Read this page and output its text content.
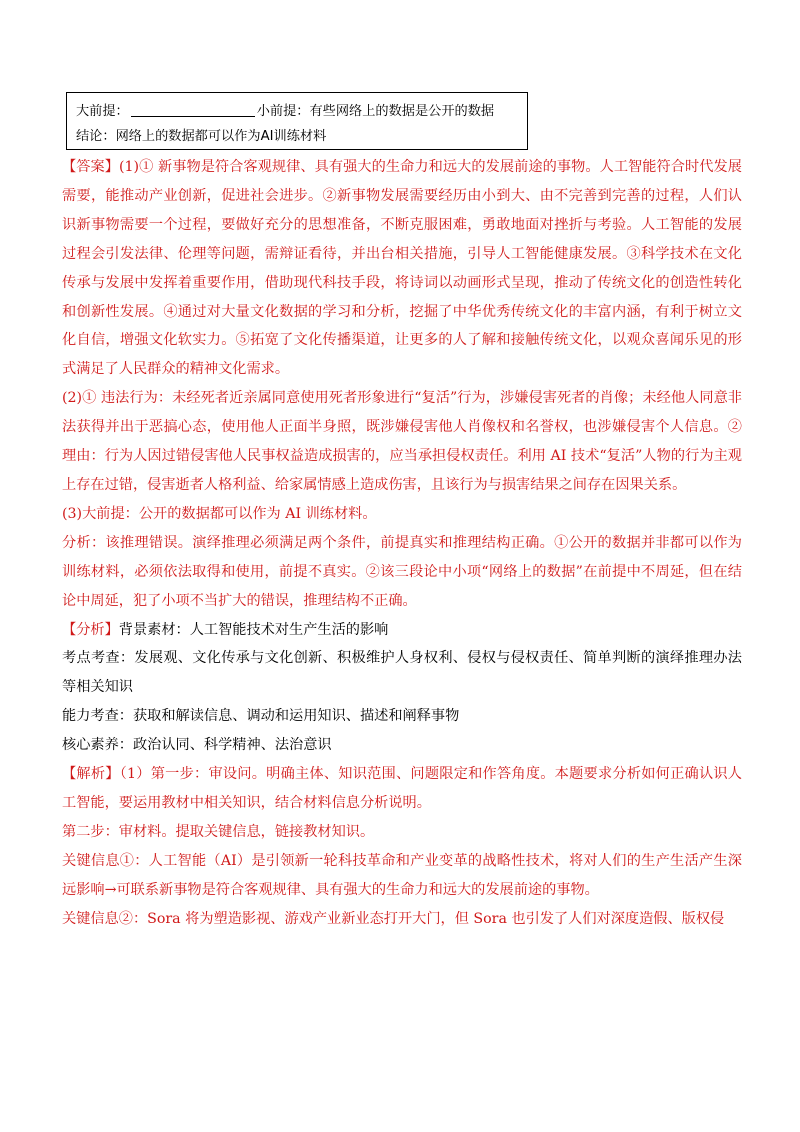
大前提：	小前提：有些网络上的数据是公开的数据
结论：网络上的数据都可以作为AI训练材料

【答案】(1)① 新事物是符合客观规律、具有强大的生命力和远大的发展前途的事物。人工智能符合时代发展需要，能推动产业创新，促进社会进步。②新事物发展需要经历由小到大、由不完善到完善的过程，人们认识新事物需要一个过程，要做好充分的思想准备，不断克服困难，勇敢地面对挫折与考验。人工智能的发展过程会引发法律、伦理等问题，需辩证看待，并出台相关措施，引导人工智能健康发展。③科学技术在文化传承与发展中发挥着重要作用，借助现代科技手段，将诗词以动画形式呈现，推动了传统文化的创造性转化和创新性发展。④通过对大量文化数据的学习和分析，挖掘了中华优秀传统文化的丰富内涵，有利于树立文化自信，增强文化软实力。⑤拓宽了文化传播渠道，让更多的人了解和接触传统文化，以观众喜闻乐见的形式满足了人民群众的精神文化需求。

(2)① 违法行为：未经死者近亲属同意使用死者形象进行“复活”行为，涉嫌侵害死者的肖像；未经他人同意非法获得并出于恶搞心态，使用他人正面半身照，既涉嫌侵害他人肖像权和名誉权，也涉嫌侵害个人信息。②理由：行为人因过错侵害他人民事权益造成损害的，应当承担侵权责任。利用 AI 技术“复活”人物的行为主观上存在过错，侵害逝者人格利益、给家属情感上造成伤害，且该行为与损害结果之间存在因果关系。

(3)大前提：公开的数据都可以作为 AI 训练材料。

分析：该推理错误。演绎推理必须满足两个条件，前提真实和推理结构正确。①公开的数据并非都可以作为训练材料，必须依法取得和使用，前提不真实。②该三段论中小项“网络上的数据”在前提中不周延，但在结论中周延，犯了小项不当扩大的错误，推理结构不正确。

【分析】背景素材：人工智能技术对生产生活的影响

考点考查：发展观、文化传承与文化创新、积极维护人身权利、侵权与侵权责任、简单判断的演绎推理办法等相关知识

能力考查：获取和解读信息、调动和运用知识、描述和阐释事物

核心素养：政治认同、科学精神、法治意识

【解析】（1）第一步：审设问。明确主体、知识范围、问题限定和作答角度。本题要求分析如何正确认识人工智能，要运用教材中相关知识，结合材料信息分析说明。

第二步：审材料。提取关键信息，链接教材知识。

关键信息①：人工智能（AI）是引领新一轮科技革命和产业变革的战略性技术，将对人们的生产生活产生深远影响→可联系新事物是符合客观规律、具有强大的生命力和远大的发展前途的事物。

关键信息②：Sora 将为塑造影视、游戏产业新业态打开大门，但 Sora 也引发了人们对深度造假、版权侵
